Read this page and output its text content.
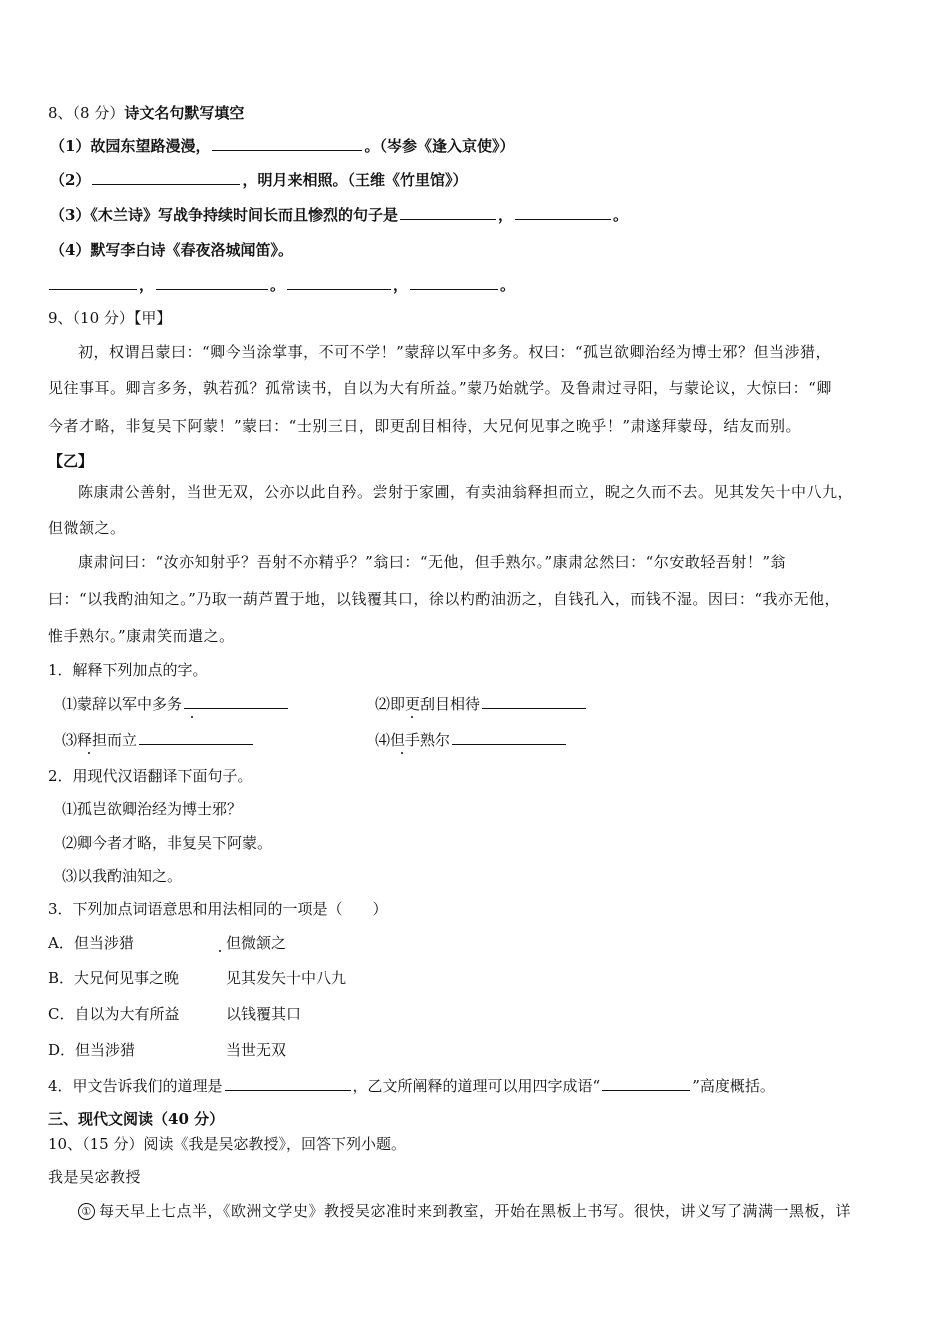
8、（8 分）诗文名句默写填空
（1）故园东望路漫漫，	。（岑参《逢入京使》）
（2）	，明月来相照。（王维《竹里馆》）
（3）《木兰诗》写战争持续时间长而且惨烈的句子是	，	。
（4）默写李白诗《春夜洛城闻笛》。
，	。	，	。
9、（10 分）【甲】
初，权谓吕蒙曰：“卿今当涂掌事，不可不学！”蒙辞以军中多务。权曰：“孤岂欲卿治经为博士邪？但当涉猎，
见往事耳。卿言多务，孰若孤？孤常读书，自以为大有所益。”蒙乃始就学。及鲁肃过寻阳，与蒙论议，大惊曰：“卿
今者才略，非复吴下阿蒙！”蒙曰：“士别三日，即更刮目相待，大兄何见事之晚乎！”肃遂拜蒙母，结友而别。
【乙】
陈康肃公善射，当世无双，公亦以此自矜。尝射于家圃，有卖油翁释担而立，睨之久而不去。见其发矢十中八九，
但微颔之。
康肃问曰：“汝亦知射乎？吾射不亦精乎？”翁曰：“无他，但手熟尔。”康肃忿然曰：“尔安敢轻吾射！”翁
曰：“以我酌油知之。”乃取一葫芦置于地，以钱覆其口，徐以杓酌油沥之，自钱孔入，而钱不湿。因曰：“我亦无他，
惟手熟尔。”康肃笑而遣之。
1．解释下列加点的字。
⑴蒙辞以军中多务	⑵即更刮目相待
⑶释担而立	⑷但手熟尔
2．用现代汉语翻译下面句子。
⑴孤岂欲卿治经为博士邪？
⑵卿今者才略，非复吴下阿蒙。
⑶以我酌油知之。
3．下列加点词语意思和用法相同的一项是（　　）
A．但当涉猎	但微颔之
B．大兄何见事之晚	见其发矢十中八九
C．自以为大有所益	以钱覆其口
D．但当涉猎	当世无双
4．甲文告诉我们的道理是	，乙文所阐释的道理可以用四字成语“	”高度概括。
三、现代文阅读（40 分）
10、（15 分）阅读《我是吴宓教授》，回答下列小题。
我是吴宓教授
① 每天早上七点半，《欧洲文学史》教授吴宓准时来到教室，开始在黑板上书写。很快，讲义写了满满一黑板，详
